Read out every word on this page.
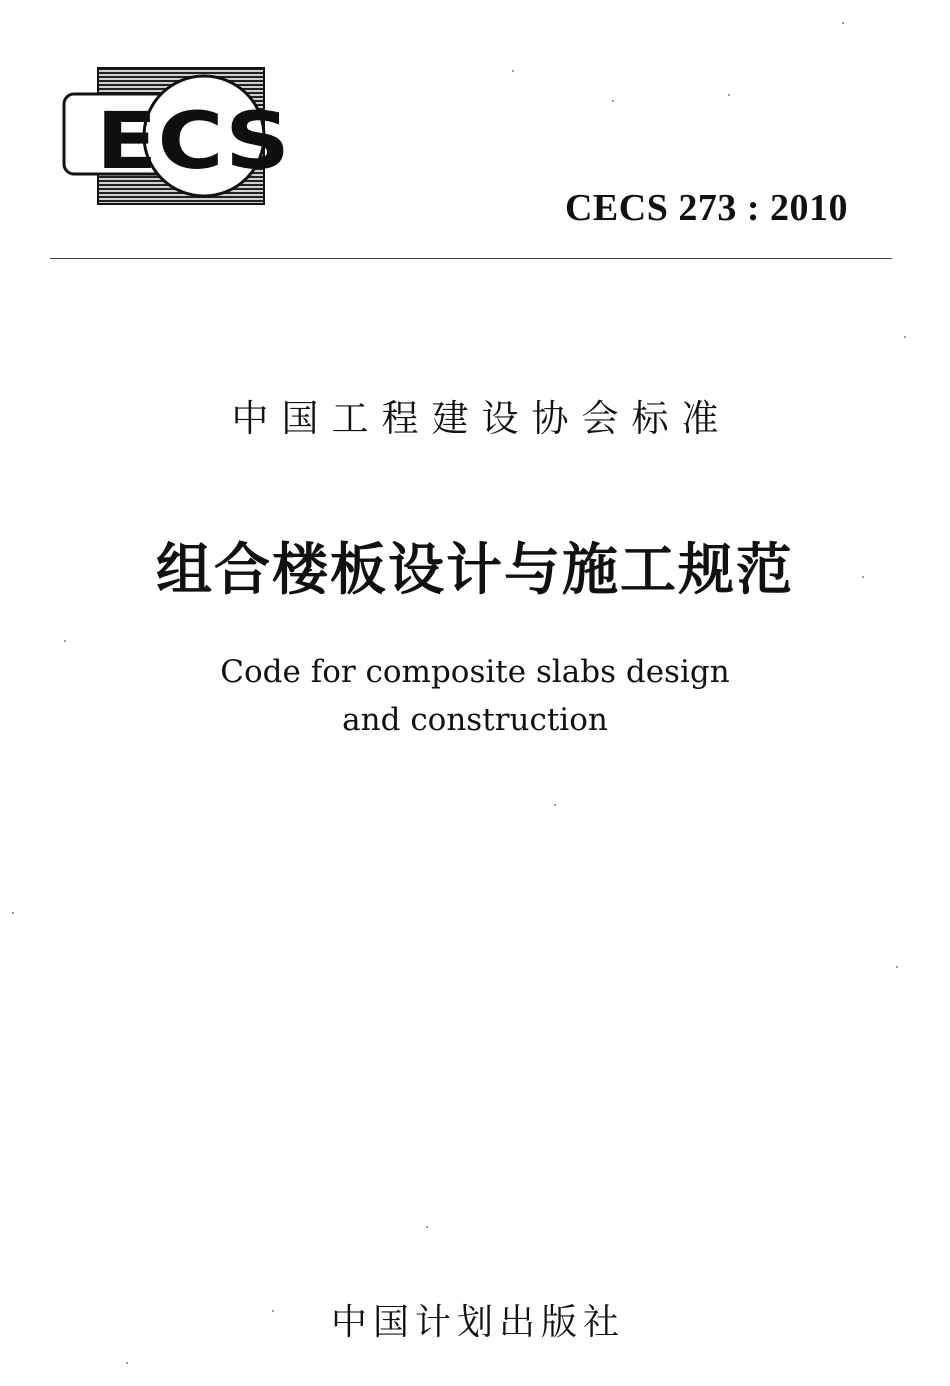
ECS
CECS 273 : 2010
中国工程建设协会标准
组合楼板设计与施工规范
Code for composite slabs design
and construction
中国计划出版社
